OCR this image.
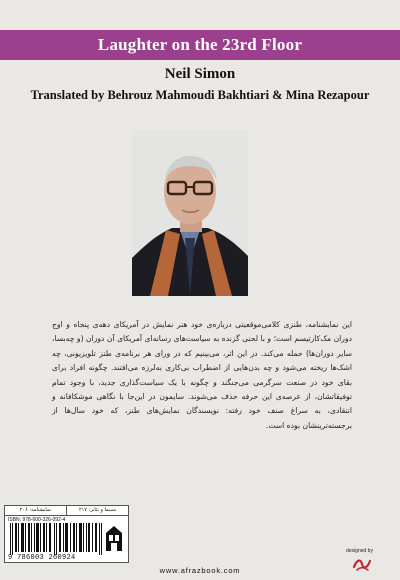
Laughter on the 23rd Floor
Neil Simon
Translated by Behrouz Mahmoudi Bakhtiari & Mina Rezapour

این نمایشنامه، طنزی کلامی‌موقعیتی درباره‌ی خود هنر نمایش در آمریکای دهه‌ی پنجاه و اوج دوران مک‌کارتیسم است؛ و با لحنی گزنده به سیاست‌های رسانه‌ای آمریکای آن دوران (و چه‌بسا، سایر دوران‌ها) حمله می‌کند. در این اثر، می‌بینیم که در ورای هر برنامه‌ی طنز تلویزیونی، چه اشک‌ها ریخته می‌شود و چه بدن‌هایی از اضطراب بی‌کاری به‌لرزه می‌افتند. چگونه افراد برای بقای خود در صنعت سرگرمی می‌جنگند و چگونه با یک سیاست‌گذاری جدید، با وجود تمام توفیقاتشان، از عرصه‌ی این حرفه حذف می‌شوند. سایمون در این‌جا با نگاهی موشکافانه و انتقادی، به سراغ صنف خود رفته: نویسندگان نمایش‌های طنز، که خود سال‌ها از برجسته‌ترینشان بوده است.

سینما و تئاتر: ۲۱۷
نمایشنامه: ۲۰۶
ISBN: 978-600-326-092-4
9 786003 260924
designed by
www.afrazbook.com
